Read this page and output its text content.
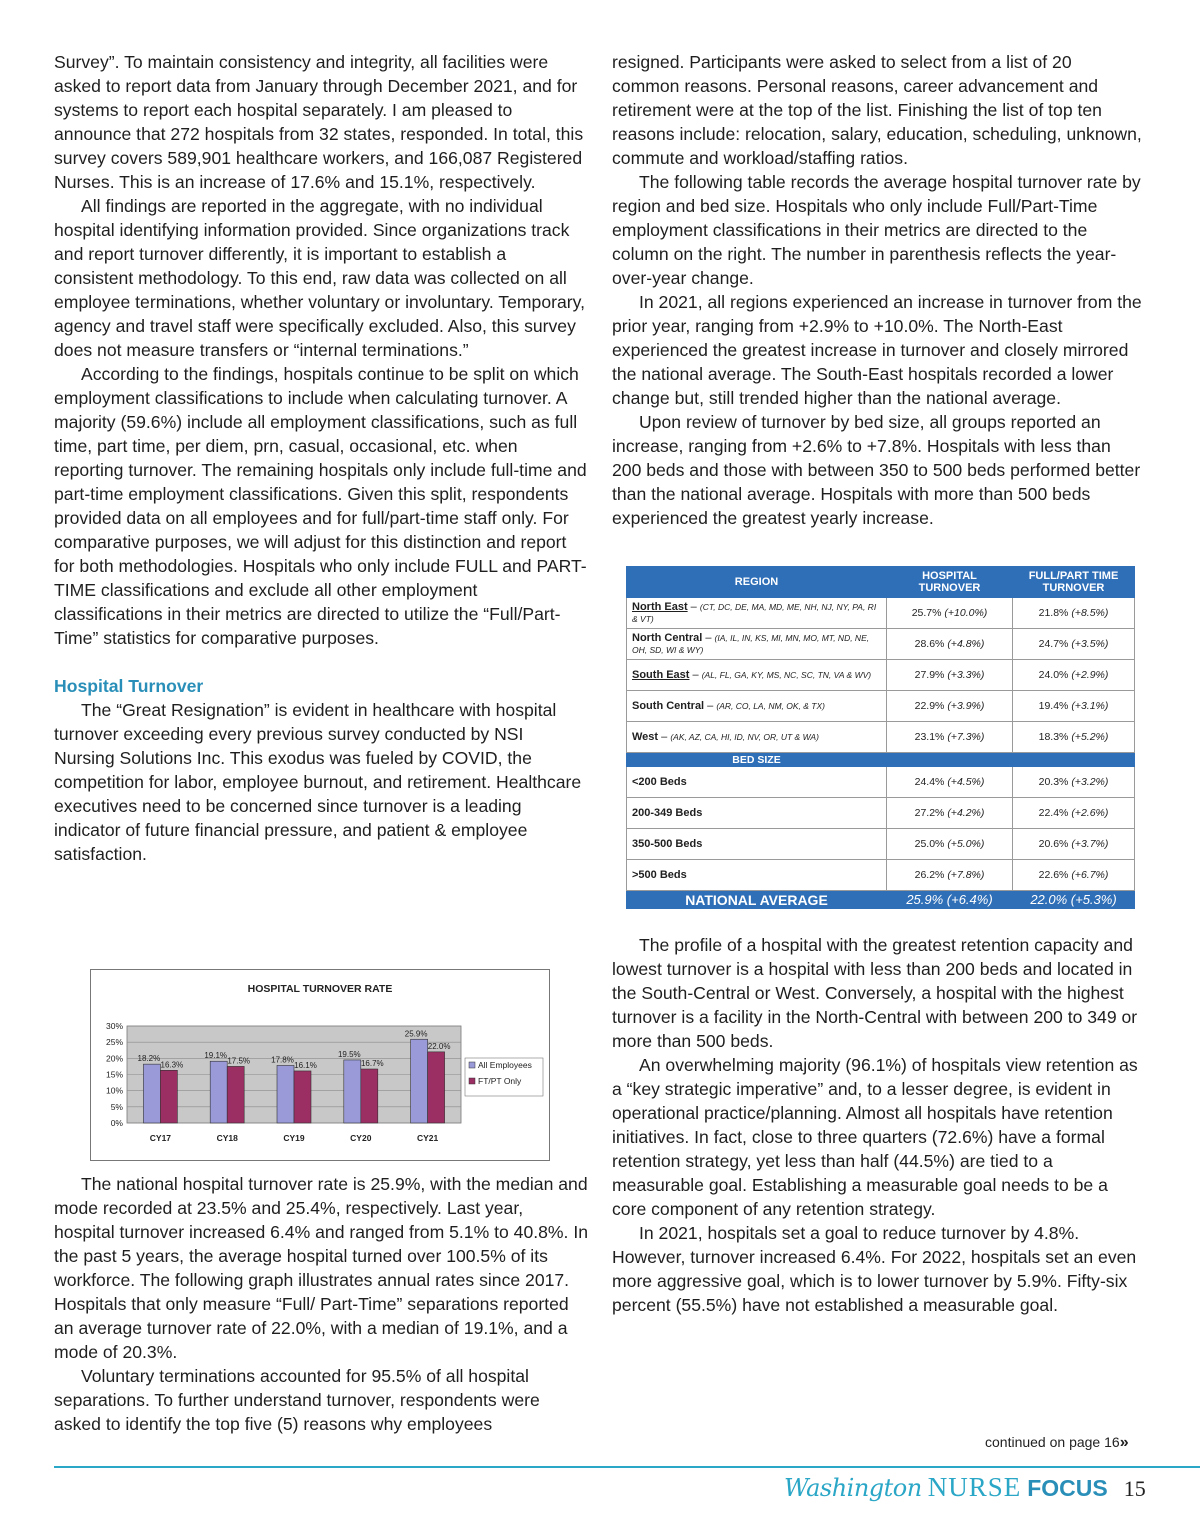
Survey”. To maintain consistency and integrity, all facilities were asked to report data from January through December 2021, and for systems to report each hospital separately. I am pleased to announce that 272 hospitals from 32 states, responded. In total, this survey covers 589,901 healthcare workers, and 166,087 Registered Nurses. This is an increase of 17.6% and 15.1%, respectively.

All findings are reported in the aggregate, with no individual hospital identifying information provided. Since organizations track and report turnover differently, it is important to establish a consistent methodology. To this end, raw data was collected on all employee terminations, whether voluntary or involuntary. Temporary, agency and travel staff were specifically excluded. Also, this survey does not measure transfers or “internal terminations.”

According to the findings, hospitals continue to be split on which employment classifications to include when calculating turnover. A majority (59.6%) include all employment classifications, such as full time, part time, per diem, prn, casual, occasional, etc. when reporting turnover. The remaining hospitals only include full-time and part-time employment classifications. Given this split, respondents provided data on all employees and for full/part-time staff only. For comparative purposes, we will adjust for this distinction and report for both methodologies. Hospitals who only include FULL and PART-TIME classifications and exclude all other employment classifications in their metrics are directed to utilize the “Full/Part-Time” statistics for comparative purposes.

Hospital Turnover

The “Great Resignation” is evident in healthcare with hospital turnover exceeding every previous survey conducted by NSI Nursing Solutions Inc. This exodus was fueled by COVID, the competition for labor, employee burnout, and retirement. Healthcare executives need to be concerned since turnover is a leading indicator of future financial pressure, and patient & employee satisfaction.

The national hospital turnover rate is 25.9%, with the median and mode recorded at 23.5% and 25.4%, respectively. Last year, hospital turnover increased 6.4% and ranged from 5.1% to 40.8%. In the past 5 years, the average hospital turned over 100.5% of its workforce. The following graph illustrates annual rates since 2017. Hospitals that only measure “Full/ Part-Time” separations reported an average turnover rate of 22.0%, with a median of 19.1%, and a mode of 20.3%.

Voluntary terminations accounted for 95.5% of all hospital separations. To further understand turnover, respondents were asked to identify the top five (5) reasons why employees

HOSPITAL TURNOVER RATE
0%
5%
10%
15%
20%
25%
30%
18.2%
16.3%
CY17
19.1%
17.5%
CY18
17.8%
16.1%
CY19
19.5%
16.7%
CY20
25.9%
22.0%
CY21
All Employees
FT/PT Only

resigned. Participants were asked to select from a list of 20 common reasons. Personal reasons, career advancement and retirement were at the top of the list. Finishing the list of top ten reasons include: relocation, salary, education, scheduling, unknown, commute and workload/staffing ratios.

The following table records the average hospital turnover rate by region and bed size. Hospitals who only include Full/Part-Time employment classifications in their metrics are directed to the column on the right. The number in parenthesis reflects the year-over-year change.

In 2021, all regions experienced an increase in turnover from the prior year, ranging from +2.9% to +10.0%. The North-East experienced the greatest increase in turnover and closely mirrored the national average. The South-East hospitals recorded a lower change but, still trended higher than the national average.

Upon review of turnover by bed size, all groups reported an increase, ranging from +2.6% to +7.8%. Hospitals with less than 200 beds and those with between 350 to 500 beds performed better than the national average. Hospitals with more than 500 beds experienced the greatest yearly increase.

REGION	HOSPITAL TURNOVER	FULL/PART TIME TURNOVER
North East – (CT, DC, DE, MA, MD, ME, NH, NJ, NY, PA, RI & VT)	25.7% (+10.0%)	21.8% (+8.5%)
North Central – (IA, IL, IN, KS, MI, MN, MO, MT, ND, NE, OH, SD, WI & WY)	28.6% (+4.8%)	24.7% (+3.5%)
South East – (AL, FL, GA, KY, MS, NC, SC, TN, VA & WV)	27.9% (+3.3%)	24.0% (+2.9%)
South Central – (AR, CO, LA, NM, OK, & TX)	22.9% (+3.9%)	19.4% (+3.1%)
West – (AK, AZ, CA, HI, ID, NV, OR, UT & WA)	23.1% (+7.3%)	18.3% (+5.2%)
BED SIZE		
<200 Beds	24.4% (+4.5%)	20.3% (+3.2%)
200-349 Beds	27.2% (+4.2%)	22.4% (+2.6%)
350-500 Beds	25.0% (+5.0%)	20.6% (+3.7%)
>500 Beds	26.2% (+7.8%)	22.6% (+6.7%)
NATIONAL AVERAGE	25.9% (+6.4%)	22.0% (+5.3%)

The profile of a hospital with the greatest retention capacity and lowest turnover is a hospital with less than 200 beds and located in the South-Central or West. Conversely, a hospital with the highest turnover is a facility in the North-Central with between 200 to 349 or more than 500 beds.

An overwhelming majority (96.1%) of hospitals view retention as a “key strategic imperative” and, to a lesser degree, is evident in operational practice/planning. Almost all hospitals have retention initiatives. In fact, close to three quarters (72.6%) have a formal retention strategy, yet less than half (44.5%) are tied to a measurable goal. Establishing a measurable goal needs to be a core component of any retention strategy.

In 2021, hospitals set a goal to reduce turnover by 4.8%. However, turnover increased 6.4%. For 2022, hospitals set an even more aggressive goal, which is to lower turnover by 5.9%. Fifty-six percent (55.5%) have not established a measurable goal.

continued on page 16»
Washington NURSE FOCUS 15
